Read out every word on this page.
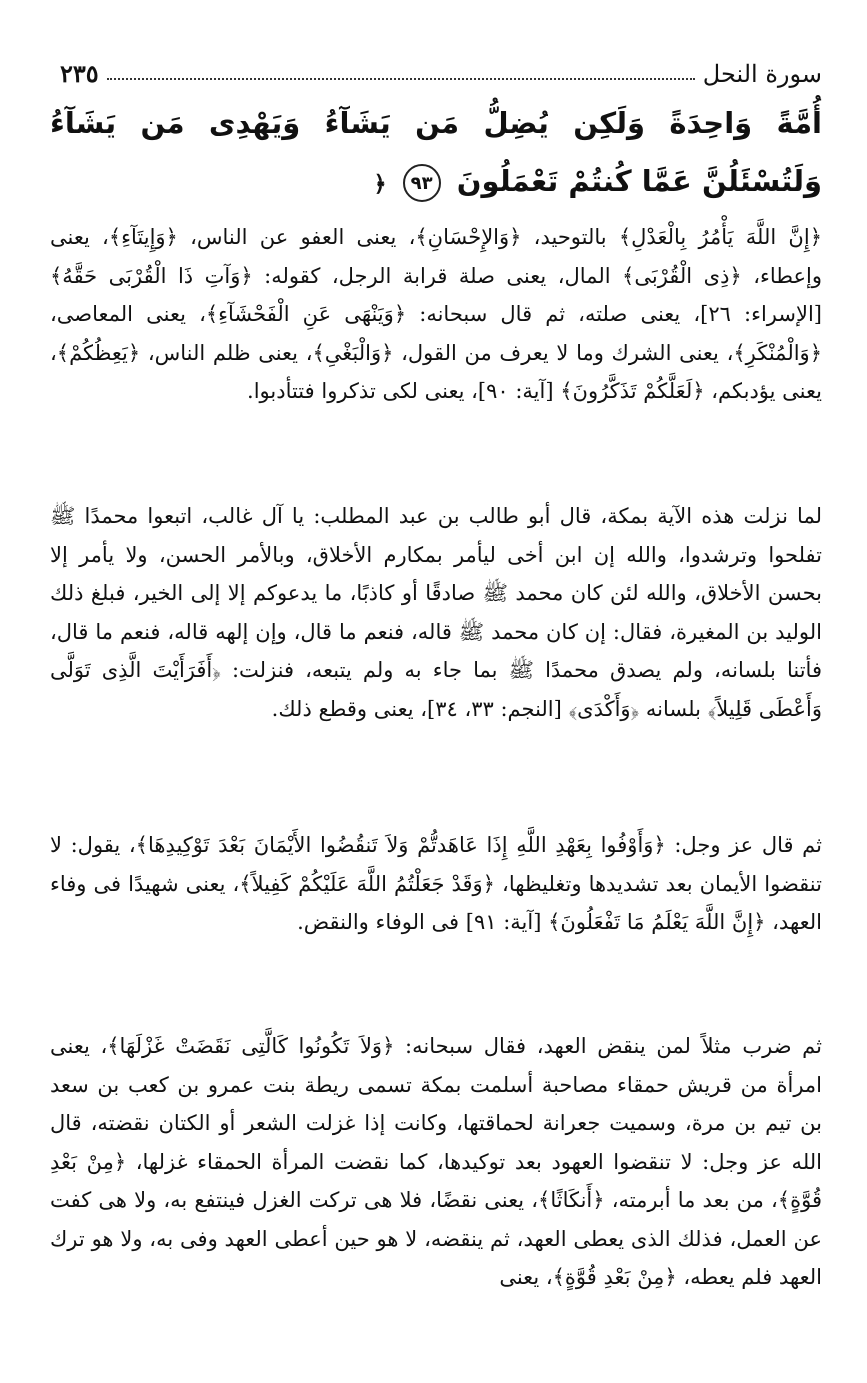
سورة النحل
٢٣٥
أُمَّةً وَاحِدَةً وَلَكِن يُضِلُّ مَن يَشَآءُ وَيَهْدِى مَن يَشَآءُ وَلَتُسْئَلُنَّ عَمَّا كُنتُمْ تَعْمَلُونَ ٩٣ ﴿
﴿إِنَّ اللَّهَ يَأْمُرُ بِالْعَدْلِ﴾ بالتوحيد، ﴿وَالإِحْسَانِ﴾، يعنى العفو عن الناس، ﴿وَإِيتَآءِ﴾، يعنى وإعطاء، ﴿ذِى الْقُرْبَى﴾ المال، يعنى صلة قرابة الرجل، كقوله: ﴿وَآتِ ذَا الْقُرْبَى حَقَّهُ﴾ [الإسراء: ٢٦]، يعنى صلته، ثم قال سبحانه: ﴿وَيَنْهَى عَنِ الْفَحْشَآءِ﴾، يعنى المعاصى، ﴿وَالْمُنْكَرِ﴾، يعنى الشرك وما لا يعرف من القول، ﴿وَالْبَغْىِ﴾، يعنى ظلم الناس، ﴿يَعِظُكُمْ﴾، يعنى يؤدبكم، ﴿لَعَلَّكُمْ تَذَكَّرُونَ﴾ [آية: ٩٠]، يعنى لكى تذكروا فتتأدبوا.
لما نزلت هذه الآية بمكة، قال أبو طالب بن عبد المطلب: يا آل غالب، اتبعوا محمدًا ﷺ تفلحوا وترشدوا، والله إن ابن أخى ليأمر بمكارم الأخلاق، وبالأمر الحسن، ولا يأمر إلا بحسن الأخلاق، والله لئن كان محمد ﷺ صادقًا أو كاذبًا، ما يدعوكم إلا إلى الخير، فبلغ ذلك الوليد بن المغيرة، فقال: إن كان محمد ﷺ قاله، فنعم ما قال، وإن إلهه قاله، فنعم ما قال، فأتنا بلسانه، ولم يصدق محمدًا ﷺ بما جاء به ولم يتبعه، فنزلت: ﴿أَفَرَأَيْتَ الَّذِى تَوَلَّى وَأَعْطَى قَلِيلاً﴾ بلسانه ﴿وَأَكْدَى﴾ [النجم: ٣٣، ٣٤]، يعنى وقطع ذلك.
ثم قال عز وجل: ﴿وَأَوْفُوا بِعَهْدِ اللَّهِ إِذَا عَاهَدتُّمْ وَلاَ تَنقُضُوا الأَيْمَانَ بَعْدَ تَوْكِيدِهَا﴾، يقول: لا تنقضوا الأيمان بعد تشديدها وتغليظها، ﴿وَقَدْ جَعَلْتُمُ اللَّهَ عَلَيْكُمْ كَفِيلاً﴾، يعنى شهيدًا فى وفاء العهد، ﴿إِنَّ اللَّهَ يَعْلَمُ مَا تَفْعَلُونَ﴾ [آية: ٩١] فى الوفاء والنقض.
ثم ضرب مثلاً لمن ينقض العهد، فقال سبحانه: ﴿وَلاَ تَكُونُوا كَالَّتِى نَقَضَتْ غَزْلَهَا﴾، يعنى امرأة من قريش حمقاء مصاحبة أسلمت بمكة تسمى ريطة بنت عمرو بن كعب بن سعد بن تيم بن مرة، وسميت جعرانة لحماقتها، وكانت إذا غزلت الشعر أو الكتان نقضته، قال الله عز وجل: لا تنقضوا العهود بعد توكيدها، كما نقضت المرأة الحمقاء غزلها، ﴿مِنْ بَعْدِ قُوَّةٍ﴾، من بعد ما أبرمته، ﴿أَنكَاثًا﴾، يعنى نقضًا، فلا هى تركت الغزل فينتفع به، ولا هى كفت عن العمل، فذلك الذى يعطى العهد، ثم ينقضه، لا هو حين أعطى العهد وفى به، ولا هو ترك العهد فلم يعطه، ﴿مِنْ بَعْدِ قُوَّةٍ﴾، يعنى
